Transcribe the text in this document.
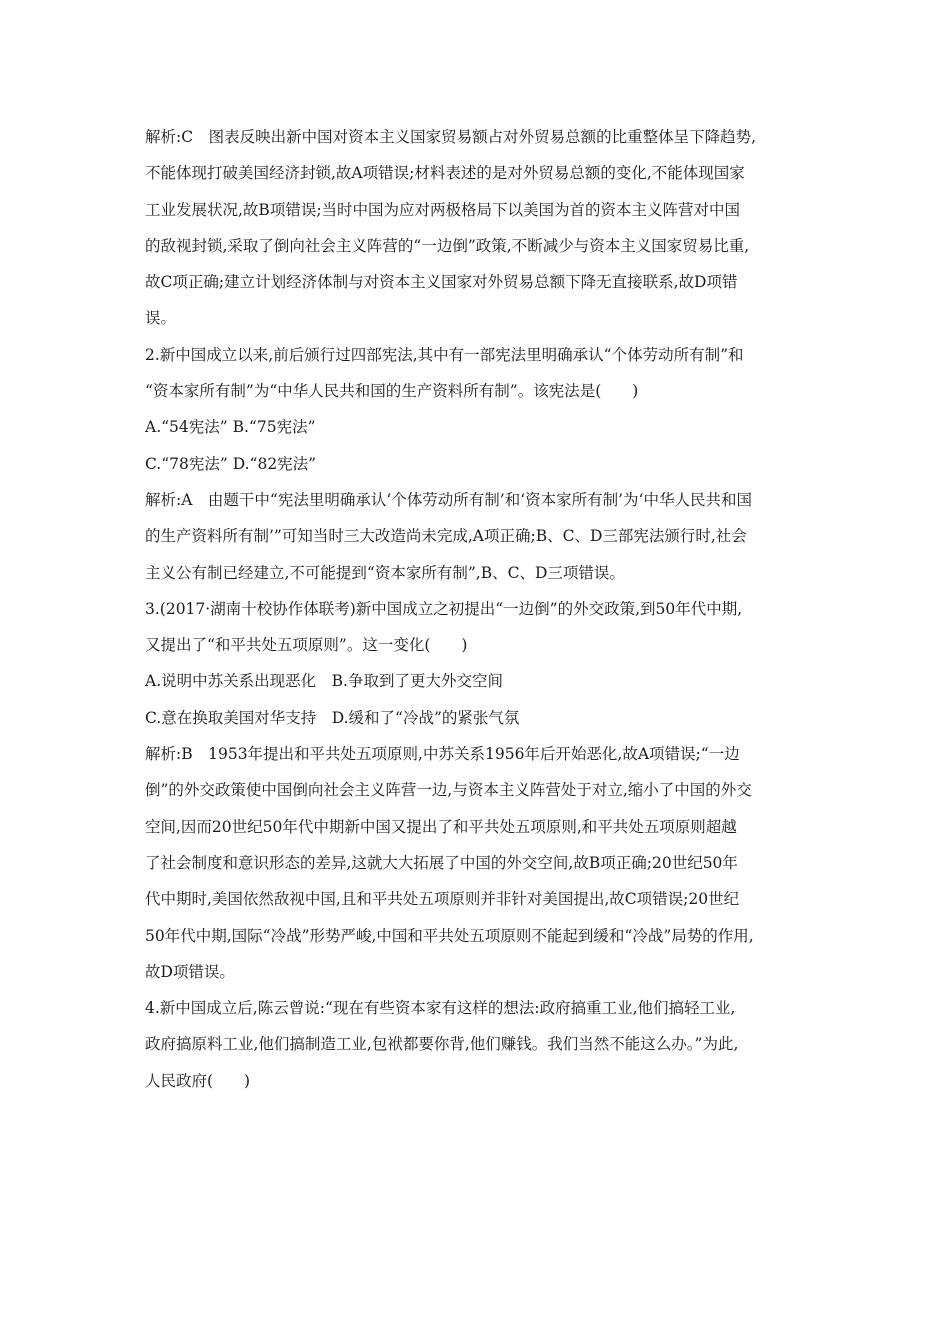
解析:C　图表反映出新中国对资本主义国家贸易额占对外贸易总额的比重整体呈下降趋势,
不能体现打破美国经济封锁,故A项错误;材料表述的是对外贸易总额的变化,不能体现国家
工业发展状况,故B项错误;当时中国为应对两极格局下以美国为首的资本主义阵营对中国
的敌视封锁,采取了倒向社会主义阵营的“一边倒”政策,不断减少与资本主义国家贸易比重,
故C项正确;建立计划经济体制与对资本主义国家对外贸易总额下降无直接联系,故D项错
误。
2.新中国成立以来,前后颁行过四部宪法,其中有一部宪法里明确承认“个体劳动所有制”和
“资本家所有制”为“中华人民共和国的生产资料所有制”。该宪法是(　　)
A.“54宪法” B.“75宪法”
C.“78宪法” D.“82宪法”
解析:A　由题干中“宪法里明确承认‘个体劳动所有制’和‘资本家所有制’为‘中华人民共和国
的生产资料所有制’”可知当时三大改造尚未完成,A项正确;B、C、D三部宪法颁行时,社会
主义公有制已经建立,不可能提到“资本家所有制”,B、C、D三项错误。
3.(2017·湖南十校协作体联考)新中国成立之初提出“一边倒”的外交政策,到50年代中期,
又提出了“和平共处五项原则”。这一变化(　　)
A.说明中苏关系出现恶化　B.争取到了更大外交空间
C.意在换取美国对华支持　D.缓和了“冷战”的紧张气氛
解析:B　1953年提出和平共处五项原则,中苏关系1956年后开始恶化,故A项错误;“一边
倒”的外交政策使中国倒向社会主义阵营一边,与资本主义阵营处于对立,缩小了中国的外交
空间,因而20世纪50年代中期新中国又提出了和平共处五项原则,和平共处五项原则超越
了社会制度和意识形态的差异,这就大大拓展了中国的外交空间,故B项正确;20世纪50年
代中期时,美国依然敌视中国,且和平共处五项原则并非针对美国提出,故C项错误;20世纪
50年代中期,国际“冷战”形势严峻,中国和平共处五项原则不能起到缓和“冷战”局势的作用,
故D项错误。
4.新中国成立后,陈云曾说:“现在有些资本家有这样的想法:政府搞重工业,他们搞轻工业,
政府搞原料工业,他们搞制造工业,包袱都要你背,他们赚钱。我们当然不能这么办。”为此,
人民政府(　　)
